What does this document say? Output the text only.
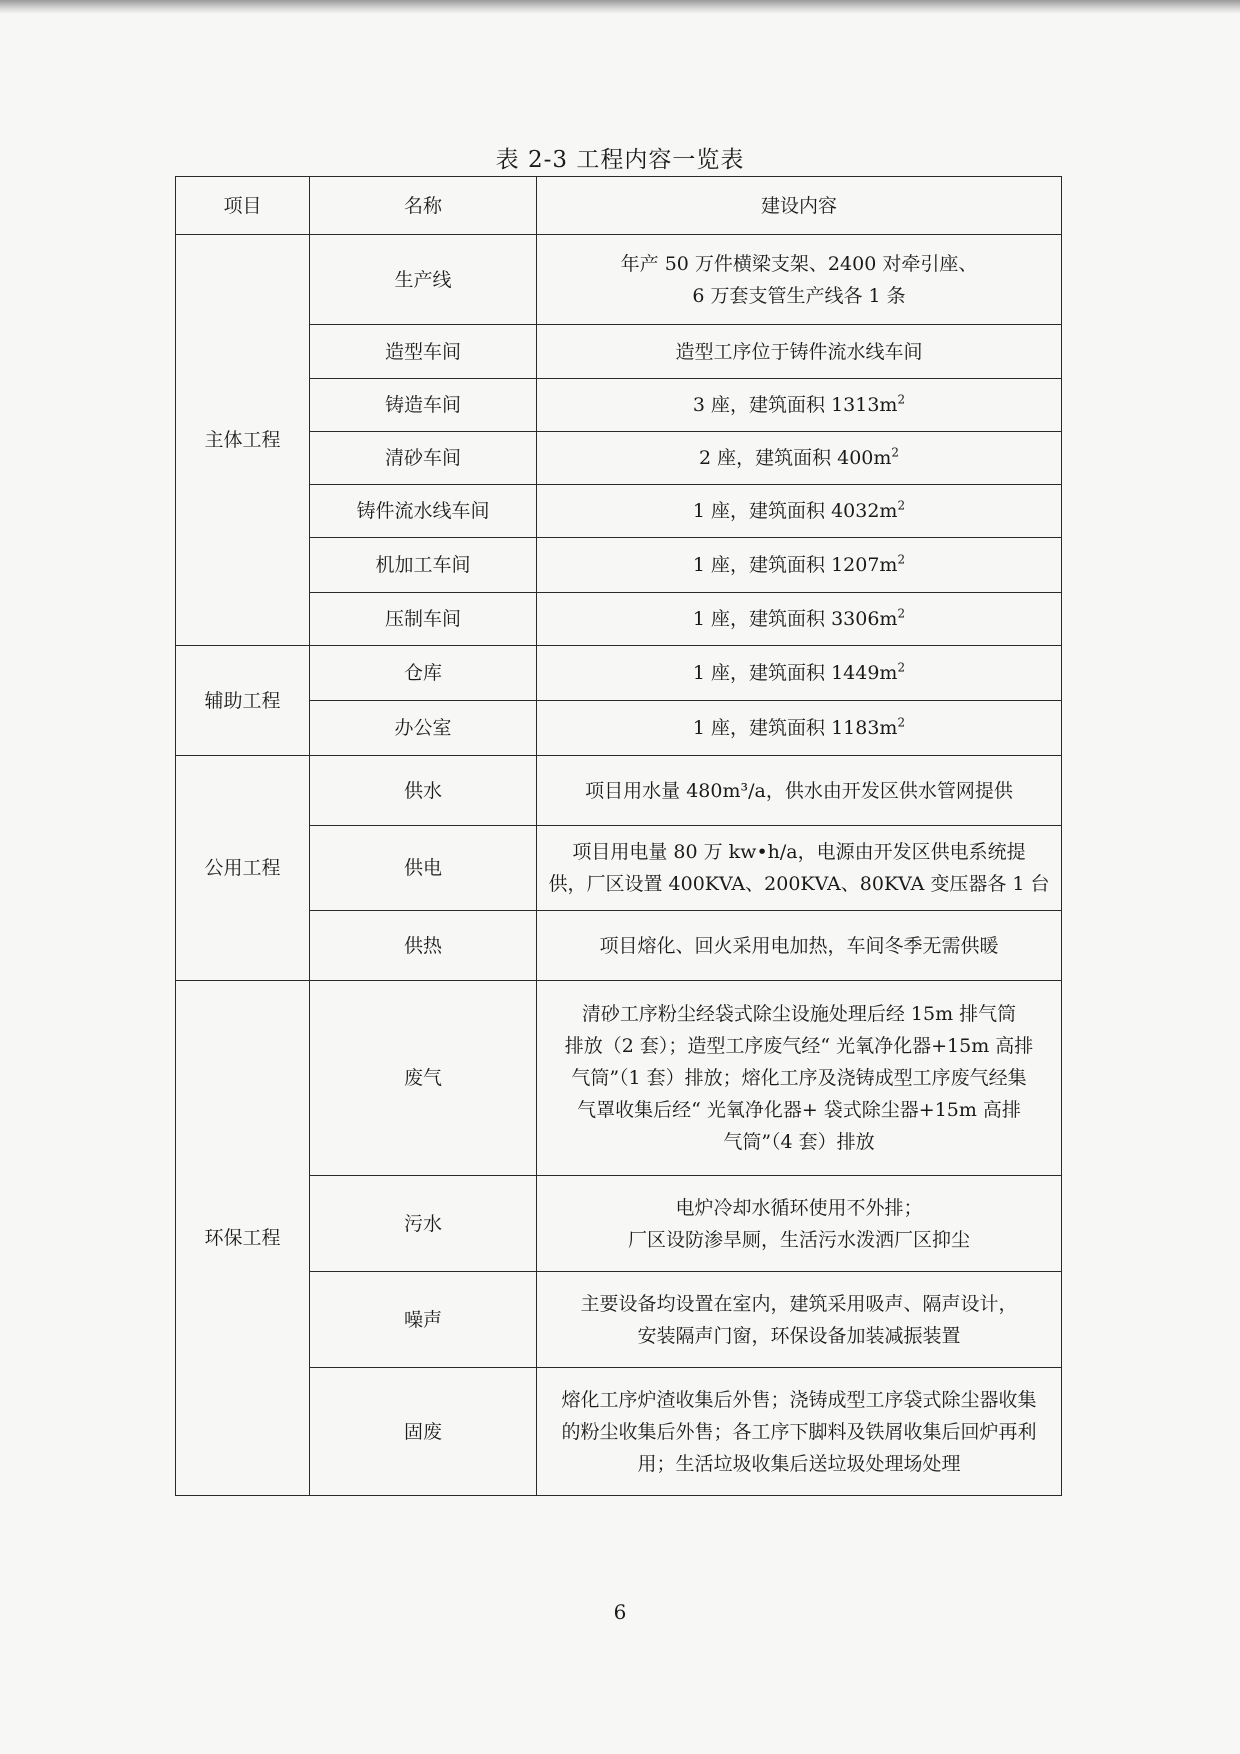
表 2-3 工程内容一览表
项目	名称	建设内容
主体工程	生产线	年产 50 万件横梁支架、2400 对牵引座、
6 万套支管生产线各 1 条

	造型车间	造型工序位于铸件流水线车间
	铸造车间	3 座，建筑面积 $1313m^2$
	清砂车间	2 座，建筑面积 $400m^2$
	铸件流水线车间	1 座，建筑面积 $4032m^2$
	机加工车间	1 座，建筑面积 $1207m^2$
	压制车间	1 座，建筑面积 $3306m^2$
辅助工程	仓库	1 座，建筑面积 $1449m^2$
	办公室	1 座，建筑面积 $1183m^2$
公用工程	供水	项目用水量 480m³/a，供水由开发区供水管网提供
	供电	项目用电量 80 万 kw•h/a，电源由开发区供电系统提
供，厂区设置 400KVA、200KVA、80KVA 变压器各 1 台

	供热	项目熔化、回火采用电加热，车间冬季无需供暖
环保工程	废气	清砂工序粉尘经袋式除尘设施处理后经 15m 排气筒
排放（2 套）；造型工序废气经“ 光氧净化器+15m 高排
气筒”（1 套）排放；熔化工序及浇铸成型工序废气经集
气罩收集后经“ 光氧净化器+ 袋式除尘器+15m 高排
气筒”（4 套）排放

	污水	电炉冷却水循环使用不外排；
厂区设防渗旱厕，生活污水泼洒厂区抑尘

	噪声	主要设备均设置在室内，建筑采用吸声、隔声设计，
安装隔声门窗，环保设备加装减振装置

	固废	熔化工序炉渣收集后外售；浇铸成型工序袋式除尘器收集
的粉尘收集后外售；各工序下脚料及铁屑收集后回炉再利
用；生活垃圾收集后送垃圾处理场处理
6
